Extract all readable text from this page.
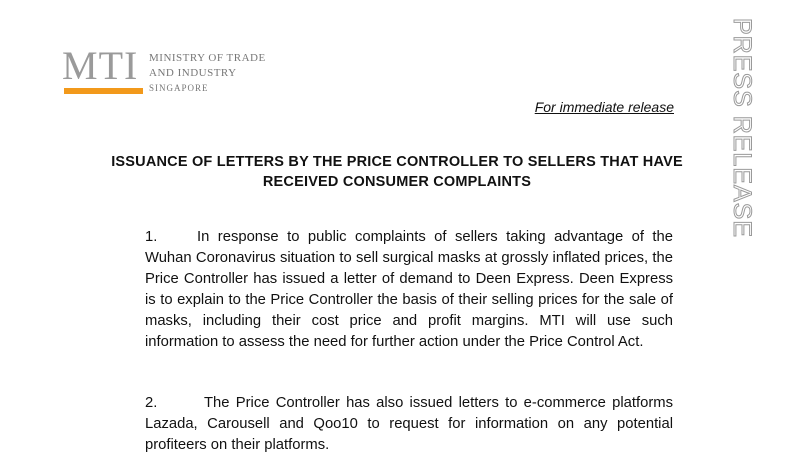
MTI MINISTRY OF TRADE
AND INDUSTRY
SINGAPORE	PRESS RELEASE
For immediate release
ISSUANCE OF LETTERS BY THE PRICE CONTROLLER TO SELLERS THAT HAVE RECEIVED CONSUMER COMPLAINTS
1.	In response to public complaints of sellers taking advantage of the Wuhan Coronavirus situation to sell surgical masks at grossly inflated prices, the Price Controller has issued a letter of demand to Deen Express. Deen Express is to explain to the Price Controller the basis of their selling prices for the sale of masks, including their cost price and profit margins. MTI will use such information to assess the need for further action under the Price Control Act.
2.	The Price Controller has also issued letters to e-commerce platforms Lazada, Carousell and Qoo10 to request for information on any potential profiteers on their platforms.
